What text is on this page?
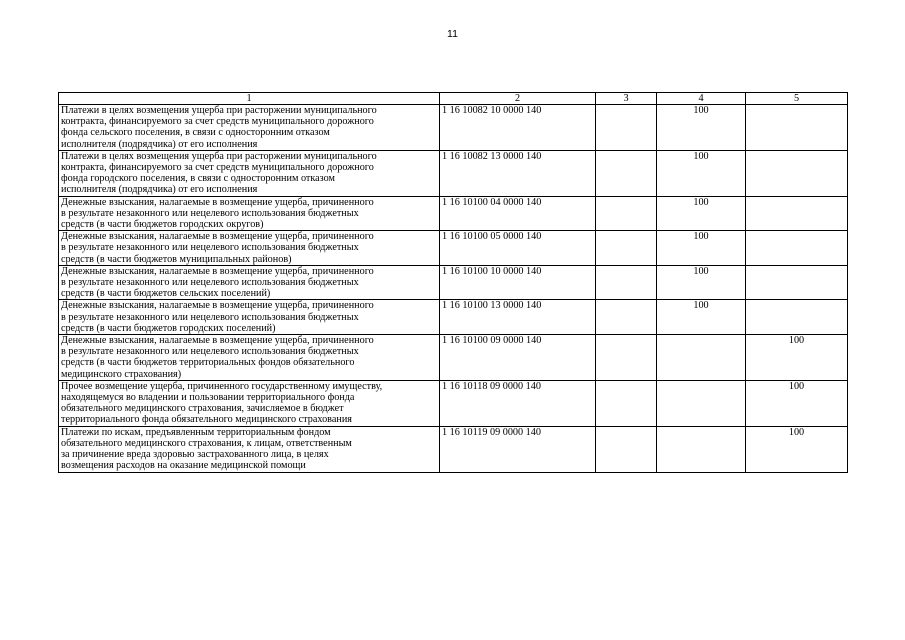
11
1	2	3	4	5

Платежи в целях возмещения ущерба при расторжении муниципального
контракта, финансируемого за счет средств муниципального дорожного
фонда сельского поселения, в связи с односторонним отказом
исполнителя (подрядчика) от его исполнения	1 16 10082 10 0000 140		100	

Платежи в целях возмещения ущерба при расторжении муниципального
контракта, финансируемого за счет средств муниципального дорожного
фонда городского поселения, в связи с односторонним отказом
исполнителя (подрядчика) от его исполнения	1 16 10082 13 0000 140		100	

Денежные взыскания, налагаемые в возмещение ущерба, причиненного
в результате незаконного или нецелевого использования бюджетных
средств (в части бюджетов городских округов)	1 16 10100 04 0000 140		100	

Денежные взыскания, налагаемые в возмещение ущерба, причиненного
в результате незаконного или нецелевого использования бюджетных
средств (в части бюджетов муниципальных районов)	1 16 10100 05 0000 140		100	

Денежные взыскания, налагаемые в возмещение ущерба, причиненного
в результате незаконного или нецелевого использования бюджетных
средств (в части бюджетов сельских поселений)	1 16 10100 10 0000 140		100	

Денежные взыскания, налагаемые в возмещение ущерба, причиненного
в результате незаконного или нецелевого использования бюджетных
средств (в части бюджетов городских поселений)	1 16 10100 13 0000 140		100	

Денежные взыскания, налагаемые в возмещение ущерба, причиненного
в результате незаконного или нецелевого использования бюджетных
средств (в части бюджетов территориальных фондов обязательного
медицинского страхования)	1 16 10100 09 0000 140			100

Прочее возмещение ущерба, причиненного государственному имуществу,
находящемуся во владении и пользовании территориального фонда
обязательного медицинского страхования, зачисляемое в бюджет
территориального фонда обязательного медицинского страхования	1 16 10118 09 0000 140			100

Платежи по искам, предъявленным территориальным фондом
обязательного медицинского страхования, к лицам, ответственным
за причинение вреда здоровью застрахованного лица, в целях
возмещения расходов на оказание медицинской помощи	1 16 10119 09 0000 140			100
